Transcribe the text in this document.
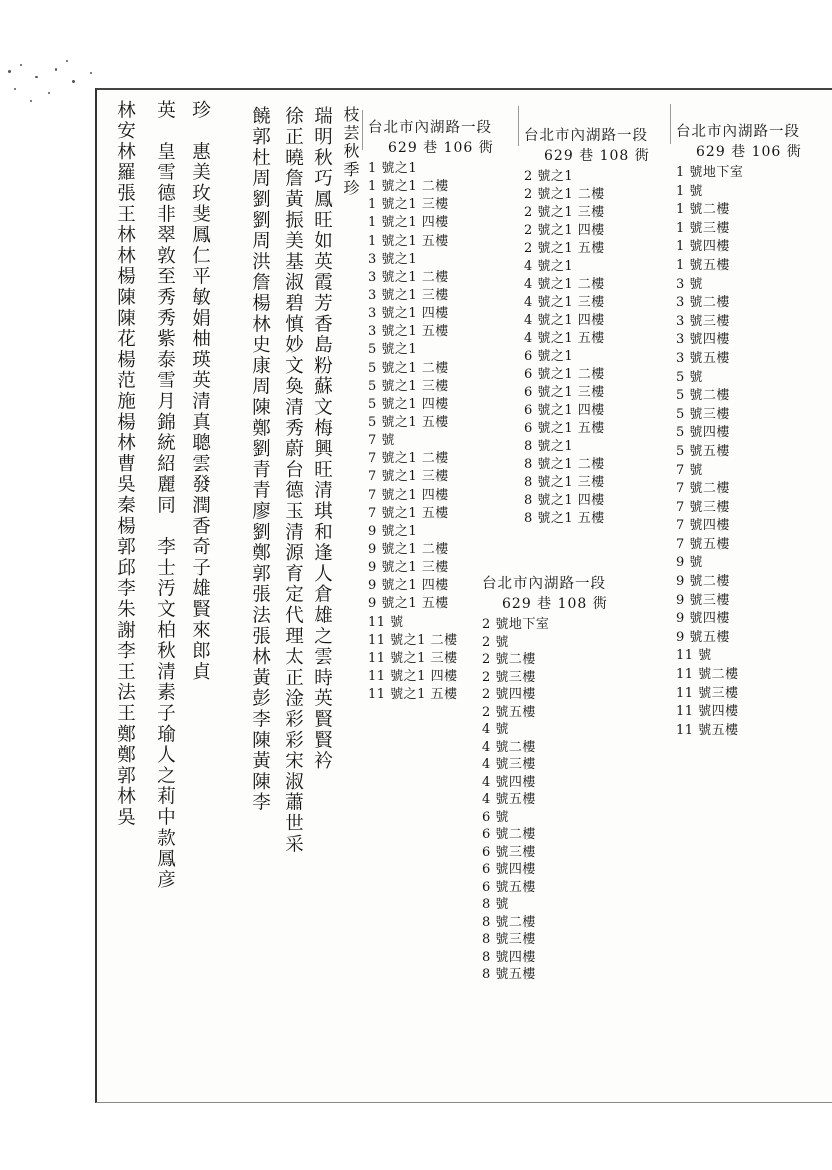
珍　惠美玫斐鳳仁平敏娟柚瑛英清真聰雲發潤香奇子雄賢來郎貞
英　皇雪德非翠敦至秀秀紫泰雪月錦統紹麗同　李士汚文柏秋清素子瑜人之莉中款鳳彦
林安林羅張王林林楊陳陳花楊范施楊林曹吳秦楊郭邱李朱謝李王法王鄭鄭郭林吳	饒郭杜周劉劉周洪詹楊林史康周陳鄭劉青青廖劉鄭郭張法張林黃彭李陳黃陳李 徐正曉詹黃振美基淑碧慎妙文奐清秀蔚台德玉清源育定代理太正淦彩彩宋淑蕭世采 瑞明秋巧鳳旺如英霞芳香島粉蘇文梅興旺清琪和逢人倉雄之雲時英賢賢衿 枝芸秋季珍 台北市內湖路一段
629 巷 106 衖
1 號之1
1 號之1 二樓
1 號之1 三樓
1 號之1 四樓
1 號之1 五樓
3 號之1
3 號之1 二樓
3 號之1 三樓
3 號之1 四樓
3 號之1 五樓
5 號之1
5 號之1 二樓
5 號之1 三樓
5 號之1 四樓
5 號之1 五樓
7 號
7 號之1 二樓
7 號之1 三樓
7 號之1 四樓
7 號之1 五樓
9 號之1
9 號之1 二樓
9 號之1 三樓
9 號之1 四樓
9 號之1 五樓
11 號
11 號之1 二樓
11 號之1 三樓
11 號之1 四樓
11 號之1 五樓
台北市內湖路一段
629 巷 108 衖
2 號之1
2 號之1 二樓
2 號之1 三樓
2 號之1 四樓
2 號之1 五樓
4 號之1
4 號之1 二樓
4 號之1 三樓
4 號之1 四樓
4 號之1 五樓
6 號之1
6 號之1 二樓
6 號之1 三樓
6 號之1 四樓
6 號之1 五樓
8 號之1
8 號之1 二樓
8 號之1 三樓
8 號之1 四樓
8 號之1 五樓
台北市內湖路一段
629 巷 106 衖
1 號地下室
1 號
1 號二樓
1 號三樓
1 號四樓
1 號五樓
3 號
3 號二樓
3 號三樓
3 號四樓
3 號五樓
5 號
5 號二樓
5 號三樓
5 號四樓
5 號五樓
7 號
7 號二樓
7 號三樓
7 號四樓
7 號五樓
9 號
9 號二樓
9 號三樓
9 號四樓
9 號五樓
11 號
11 號二樓
11 號三樓
11 號四樓
11 號五樓
台北市內湖路一段
629 巷 108 衖
2 號地下室
2 號
2 號二樓
2 號三樓
2 號四樓
2 號五樓
4 號
4 號二樓
4 號三樓
4 號四樓
4 號五樓
6 號
6 號二樓
6 號三樓
6 號四樓
6 號五樓
8 號
8 號二樓
8 號三樓
8 號四樓
8 號五樓
